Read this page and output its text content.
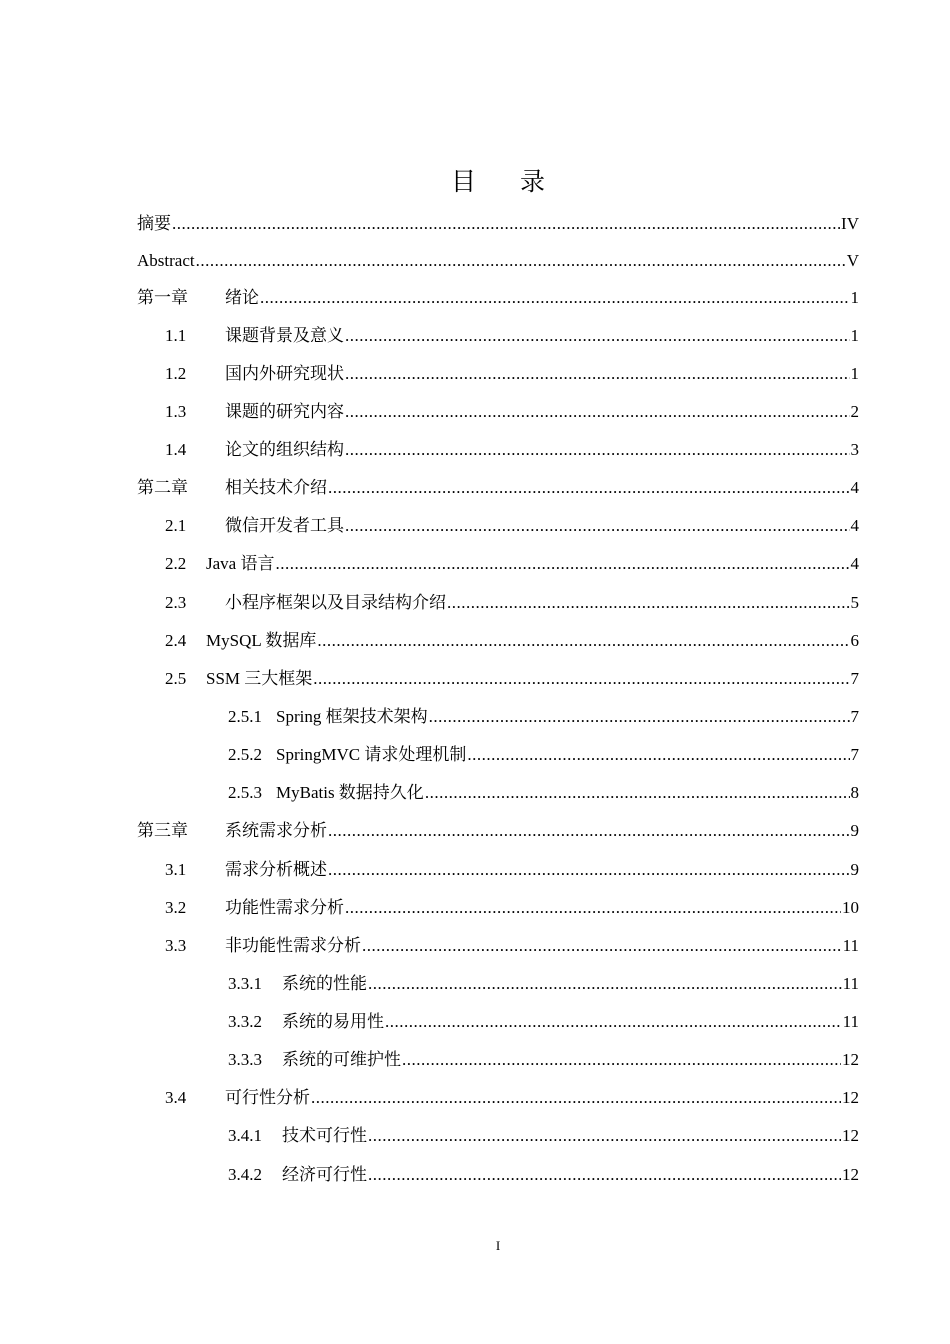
目 录
摘要 .....	IV
Abstract .....	V
第一章 绪论 .....	1
1.1	课题背景及意义 .....	1
1.2	国内外研究现状 .....	1
1.3	课题的研究内容 .....	2
1.4	论文的组织结构 .....	3
第二章 相关技术介绍 .....	4
2.1	微信开发者工具 .....	4
2.2	Java 语言 .....	4
2.3	小程序框架以及目录结构介绍 .....	5
2.4	MySQL 数据库 .....	6
2.5	SSM 三大框架 .....	7
2.5.1 Spring 框架技术架构 .....	7
2.5.2 SpringMVC 请求处理机制 .....	7
2.5.3 MyBatis 数据持久化 .....	8
第三章 系统需求分析 .....	9
3.1	需求分析概述 .....	9
3.2	功能性需求分析 .....	10
3.3	非功能性需求分析 .....	11
3.3.1 系统的性能 .....	11
3.3.2 系统的易用性 .....	11
3.3.3 系统的可维护性 .....	12
3.4	可行性分析 .....	12
3.4.1 技术可行性 .....	12
3.4.2 经济可行性 .....	12
I
